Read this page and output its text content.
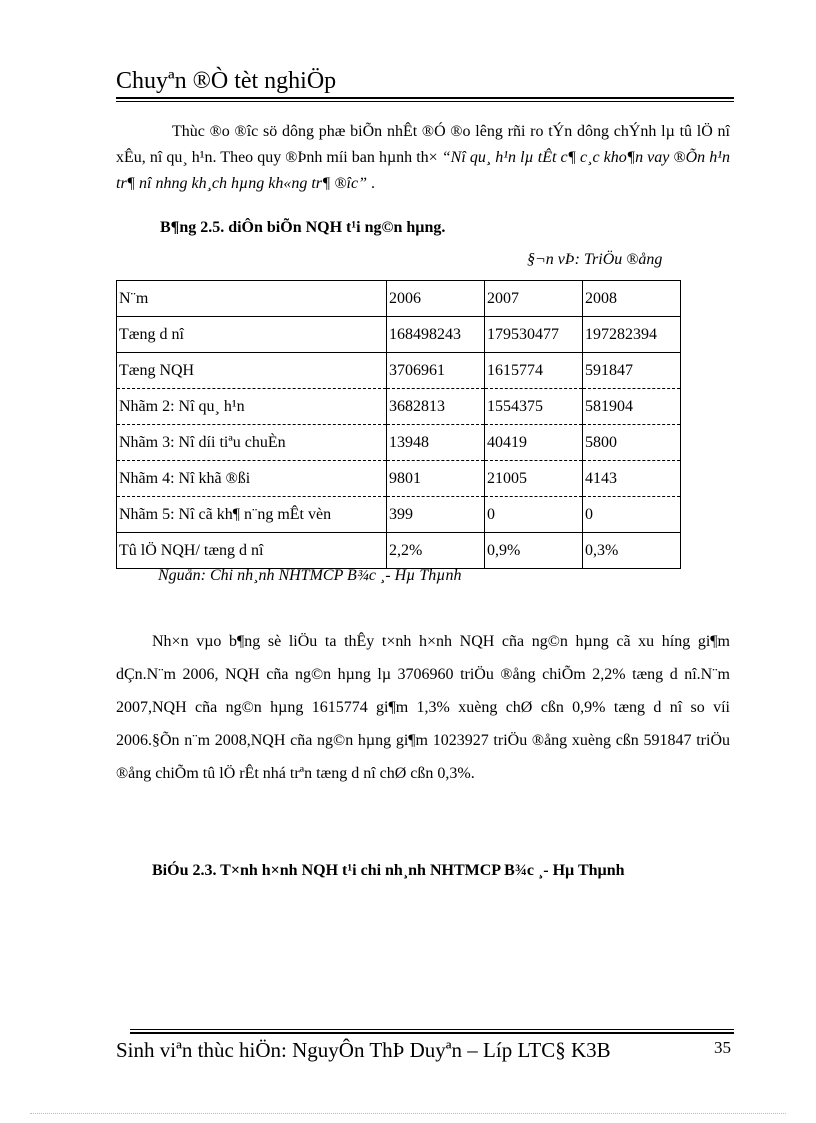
Chuyªn ®Ò tèt nghiÖp

Thùc ®o ®îc sö dông phæ biÕn nhÊt ®Ó ®o lêng rñi ro tÝn dông chÝnh lµ tû lÖ nî xÊu, nî qu¸ h¹n. Theo quy ®Þnh míi ban hµnh th× “Nî qu¸ h¹n lµ tÊt c¶ c¸c kho¶n vay ®Õn h¹n tr¶ nî nhng kh¸ch hµng kh«ng tr¶ ®îc” .

B¶ng 2.5. diÔn biÕn NQH t¹i ng©n hµng.
§¬n vÞ: TriÖu ®ång
N¨m	2006	2007	2008
Tæng d nî	168498243	179530477	197282394
Tæng NQH	3706961	1615774	591847
Nhãm 2: Nî qu¸ h¹n	3682813	1554375	581904
Nhãm 3: Nî díi tiªu chuÈn	13948	40419	5800
Nhãm 4: Nî khã ®ßi	9801	21005	4143
Nhãm 5: Nî cã kh¶ n¨ng mÊt vèn	399	0	0
Tû lÖ NQH/ tæng d nî	2,2%	0,9%	0,3%
Nguån: Chi nh¸nh NHTMCP B¾c ¸- Hµ Thµnh

Nh×n vµo b¶ng sè liÖu ta thÊy t×nh h×nh NQH cña ng©n hµng cã xu híng gi¶m dÇn.N¨m 2006, NQH cña ng©n hµng lµ 3706960 triÖu ®ång chiÕm 2,2% tæng d nî.N¨m 2007,NQH cña ng©n hµng 1615774 gi¶m 1,3% xuèng chØ cßn 0,9% tæng d nî so víi 2006.§Õn n¨m 2008,NQH cña ng©n hµng gi¶m 1023927 triÖu ®ång xuèng cßn 591847 triÖu ®ång chiÕm tû lÖ rÊt nhá trªn tæng d nî chØ cßn 0,3%.

BiÓu 2.3. T×nh h×nh NQH t¹i chi nh¸nh NHTMCP B¾c ¸- Hµ Thµnh
Sinh viªn thùc hiÖn: NguyÔn ThÞ Duyªn – Líp LTC§ K3B	35
